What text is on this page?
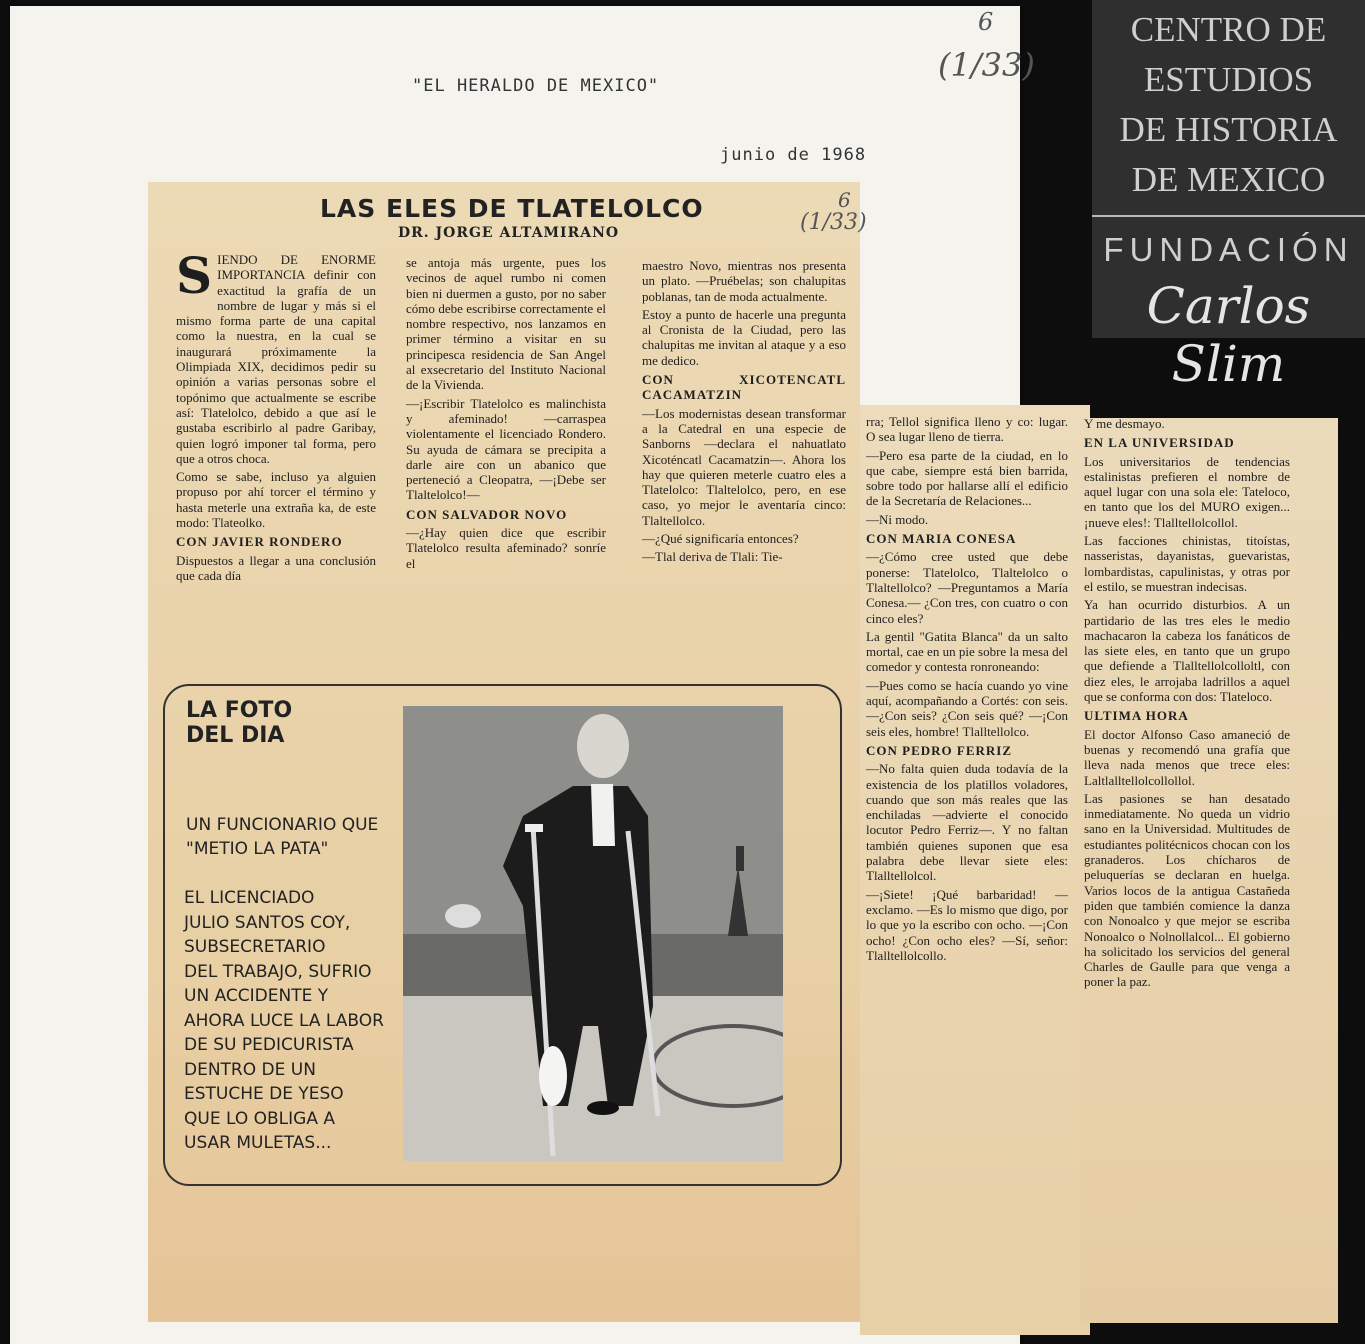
"EL HERALDO DE MEXICO"
junio de 1968
6
(1/33)
CENTRO DE
ESTUDIOS
DE HISTORIA
DE MEXICO
FUNDACIÓN
Carlos Slim
LAS ELES DE TLATELOLCO
DR. JORGE ALTAMIRANO
6
(1/33)

SIENDO DE ENORME IMPORTANCIA definir con exactitud la grafía de un nombre de lugar y más si el mismo forma parte de una capital como la nuestra, en la cual se inaugurará próximamente la Olimpiada XIX, decidimos pedir su opinión a varias personas sobre el topónimo que actualmente se escribe así: Tlatelolco, debido a que así le gustaba escribirlo al padre Garibay, quien logró imponer tal forma, pero que a otros choca.

Como se sabe, incluso ya alguien propuso por ahí torcer el término y hasta meterle una extraña ka, de este modo: Tlateolko.

CON JAVIER RONDERO

Dispuestos a llegar a una conclusión que cada día

se antoja más urgente, pues los vecinos de aquel rumbo ni comen bien ni duermen a gusto, por no saber cómo debe escribirse correctamente el nombre respectivo, nos lanzamos en primer término a visitar en su principesca residencia de San Angel al exsecretario del Instituto Nacional de la Vivienda.

—¡Escribir Tlatelolco es malinchista y afeminado! —carraspea violentamente el licenciado Rondero. Su ayuda de cámara se precipita a darle aire con un abanico que perteneció a Cleopatra, —¡Debe ser Tlaltelolco!—

CON SALVADOR NOVO

—¿Hay quien dice que escribir Tlatelolco resulta afeminado? sonríe el

maestro Novo, mientras nos presenta un plato. —Pruébelas; son chalupitas poblanas, tan de moda actualmente.

Estoy a punto de hacerle una pregunta al Cronista de la Ciudad, pero las chalupitas me invitan al ataque y a eso me dedico.

CON XICOTENCATL CACAMATZIN

—Los modernistas desean transformar a la Catedral en una especie de Sanborns —declara el nahuatlato Xicoténcatl Cacamatzin—. Ahora los hay que quieren meterle cuatro eles a Tlatelolco: Tlaltelolco, pero, en ese caso, yo mejor le aventaría cinco: Tlaltellolco.

—¿Qué significaría entonces?

—Tlal deriva de Tlali: Tie-

rra; Tellol significa lleno y co: lugar. O sea lugar lleno de tierra.

—Pero esa parte de la ciudad, en lo que cabe, siempre está bien barrida, sobre todo por hallarse allí el edificio de la Secretaría de Relaciones...

—Ni modo.

CON MARIA CONESA

—¿Cómo cree usted que debe ponerse: Tlatelolco, Tlaltelolco o Tlaltellolco? —Preguntamos a María Conesa.— ¿Con tres, con cuatro o con cinco eles?

La gentil "Gatita Blanca" da un salto mortal, cae en un pie sobre la mesa del comedor y contesta ronroneando:

—Pues como se hacía cuando yo vine aquí, acompañando a Cortés: con seis. —¿Con seis? ¿Con seis qué? —¡Con seis eles, hombre! Tlalltellolco.

CON PEDRO FERRIZ

—No falta quien duda todavía de la existencia de los platillos voladores, cuando que son más reales que las enchiladas —advierte el conocido locutor Pedro Ferriz—. Y no faltan también quienes suponen que esa palabra debe llevar siete eles: Tlalltellolcol.

—¡Siete! ¡Qué barbaridad! —exclamo. —Es lo mismo que digo, por lo que yo la escribo con ocho. —¡Con ocho! ¿Con ocho eles? —Sí, señor: Tlalltellolcollo.

Y me desmayo.

EN LA UNIVERSIDAD

Los universitarios de tendencias estalinistas prefieren el nombre de aquel lugar con una sola ele: Tateloco, en tanto que los del MURO exigen... ¡nueve eles!: Tlalltellolcollol.

Las facciones chinistas, titoístas, nasseristas, dayanistas, guevaristas, lombardistas, capulinistas, y otras por el estilo, se muestran indecisas.

Ya han ocurrido disturbios. A un partidario de las tres eles le medio machacaron la cabeza los fanáticos de las siete eles, en tanto que un grupo que defiende a Tlalltellolcolloltl, con diez eles, le arrojaba ladrillos a aquel que se conforma con dos: Tlateloco.

ULTIMA HORA

El doctor Alfonso Caso amaneció de buenas y recomendó una grafía que lleva nada menos que trece eles: Laltlalltellolcollollol.

Las pasiones se han desatado inmediatamente. No queda un vidrio sano en la Universidad. Multitudes de estudiantes politécnicos chocan con los granaderos. Los chícharos de peluquerías se declaran en huelga. Varios locos de la antigua Castañeda piden que también comience la danza con Nonoalco y que mejor se escriba Nonoalco o Nolnollalcol... El gobierno ha solicitado los servicios del general Charles de Gaulle para que venga a poner la paz.

LA FOTO
DEL DIA
UN FUNCIONARIO QUE
"METIO LA PATA"
EL LICENCIADO
JULIO SANTOS COY,
SUBSECRETARIO
DEL TRABAJO, SUFRIO
UN ACCIDENTE Y
AHORA LUCE LA LABOR
DE SU PEDICURISTA
DENTRO DE UN
ESTUCHE DE YESO
QUE LO OBLIGA A
USAR MULETAS...
